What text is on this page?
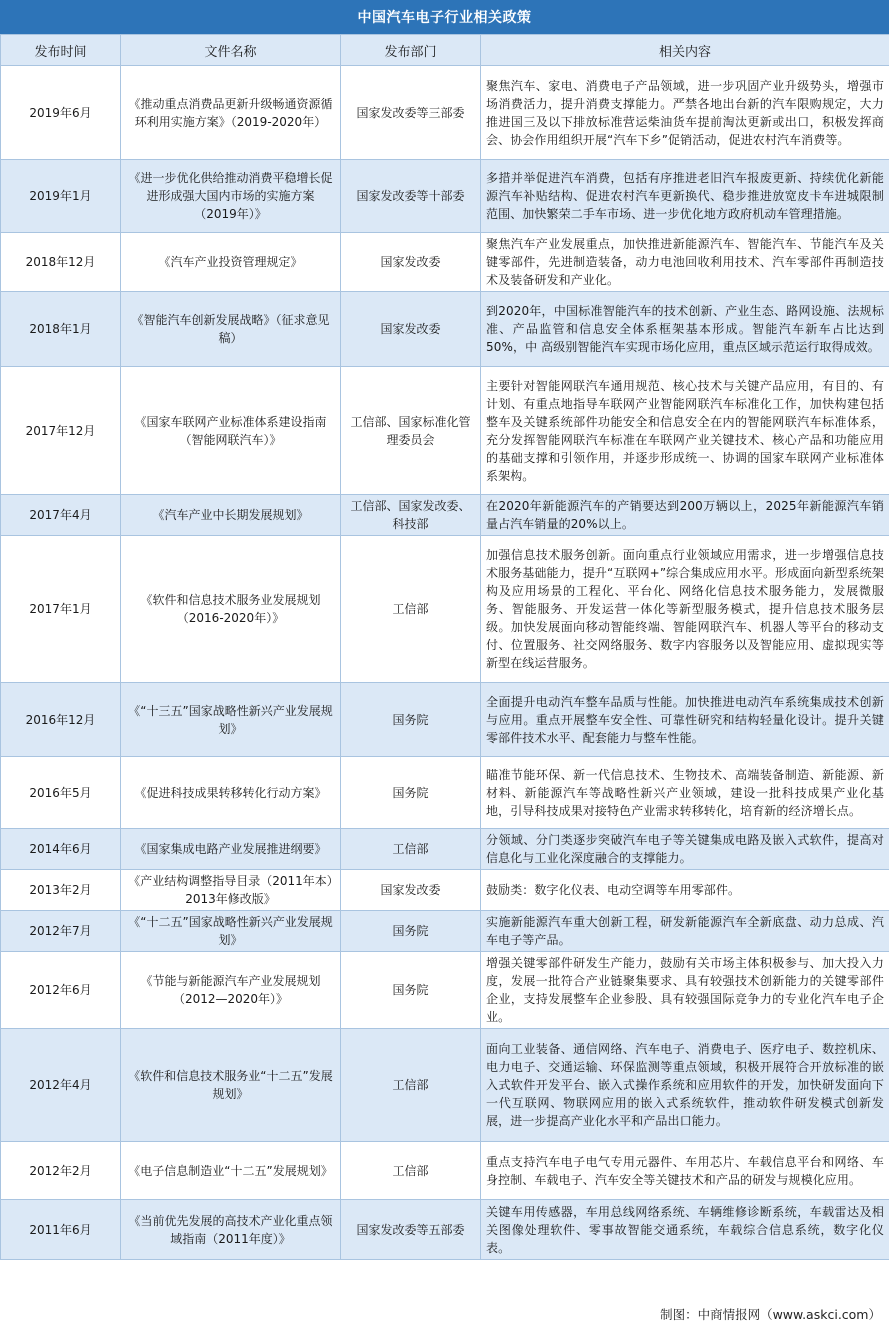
中国汽车电子行业相关政策
发布时间	文件名称	发布部门	相关内容
2019年6月	《推动重点消费品更新升级畅通资源循环利用实施方案》（2019-2020年）	国家发改委等三部委	聚焦汽车、家电、消费电子产品领域，进一步巩固产业升级势头，增强市场消费活力，提升消费支撑能力。严禁各地出台新的汽车限购规定，大力推进国三及以下排放标准营运柴油货车提前淘汰更新或出口，积极发挥商会、协会作用组织开展“汽车下乡”促销活动，促进农村汽车消费等。
2019年1月	《进一步优化供给推动消费平稳增长促进形成强大国内市场的实施方案（2019年）》	国家发改委等十部委	多措并举促进汽车消费，包括有序推进老旧汽车报废更新、持续优化新能源汽车补贴结构、促进农村汽车更新换代、稳步推进放宽皮卡车进城限制范围、加快繁荣二手车市场、进一步优化地方政府机动车管理措施。
2018年12月	《汽车产业投资管理规定》	国家发改委	聚焦汽车产业发展重点，加快推进新能源汽车、智能汽车、节能汽车及关键零部件，先进制造装备，动力电池回收利用技术、汽车零部件再制造技术及装备研发和产业化。
2018年1月	《智能汽车创新发展战略》（征求意见稿）	国家发改委	到2020年，中国标准智能汽车的技术创新、产业生态、路网设施、法规标准、产品监管和信息安全体系框架基本形成。智能汽车新车占比达到50%，中 高级别智能汽车实现市场化应用，重点区域示范运行取得成效。
2017年12月	《国家车联网产业标准体系建设指南（智能网联汽车）》	工信部、国家标准化管理委员会	主要针对智能网联汽车通用规范、核心技术与关键产品应用，有目的、有计划、有重点地指导车联网产业智能网联汽车标准化工作，加快构建包括整车及关键系统部件功能安全和信息安全在内的智能网联汽车标准体系，充分发挥智能网联汽车标准在车联网产业关键技术、核心产品和功能应用的基础支撑和引领作用，并逐步形成统一、协调的国家车联网产业标准体系架构。
2017年4月	《汽车产业中长期发展规划》	工信部、国家发改委、科技部	在2020年新能源汽车的产销要达到200万辆以上，2025年新能源汽车销量占汽车销量的20%以上。
2017年1月	《软件和信息技术服务业发展规划（2016-2020年）》	工信部	加强信息技术服务创新。面向重点行业领域应用需求，进一步增强信息技术服务基础能力，提升“互联网+”综合集成应用水平。形成面向新型系统架构及应用场景的工程化、平台化、网络化信息技术服务能力，发展微服务、智能服务、开发运营一体化等新型服务模式，提升信息技术服务层级。加快发展面向移动智能终端、智能网联汽车、机器人等平台的移动支付、位置服务、社交网络服务、数字内容服务以及智能应用、虚拟现实等新型在线运营服务。
2016年12月	《“十三五”国家战略性新兴产业发展规划》	国务院	全面提升电动汽车整车品质与性能。加快推进电动汽车系统集成技术创新与应用。重点开展整车安全性、可靠性研究和结构轻量化设计。提升关键零部件技术水平、配套能力与整车性能。
2016年5月	《促进科技成果转移转化行动方案》	国务院	瞄准节能环保、新一代信息技术、生物技术、高端装备制造、新能源、新材料、新能源汽车等战略性新兴产业领域，建设一批科技成果产业化基地，引导科技成果对接特色产业需求转移转化，培育新的经济增长点。
2014年6月	《国家集成电路产业发展推进纲要》	工信部	分领域、分门类逐步突破汽车电子等关键集成电路及嵌入式软件，提高对信息化与工业化深度融合的支撑能力。
2013年2月	《产业结构调整指导目录（2011年本）2013年修改版》	国家发改委	鼓励类：数字化仪表、电动空调等车用零部件。
2012年7月	《“十二五”国家战略性新兴产业发展规划》	国务院	实施新能源汽车重大创新工程，研发新能源汽车全新底盘、动力总成、汽车电子等产品。
2012年6月	《节能与新能源汽车产业发展规划（2012—2020年）》	国务院	增强关键零部件研发生产能力，鼓励有关市场主体积极参与、加大投入力度，发展一批符合产业链聚集要求、具有较强技术创新能力的关键零部件企业，支持发展整车企业参股、具有较强国际竞争力的专业化汽车电子企业。
2012年4月	《软件和信息技术服务业“十二五”发展规划》	工信部	面向工业装备、通信网络、汽车电子、消费电子、医疗电子、数控机床、电力电子、交通运输、环保监测等重点领域，积极开展符合开放标准的嵌入式软件开发平台、嵌入式操作系统和应用软件的开发，加快研发面向下一代互联网、物联网应用的嵌入式系统软件，推动软件研发模式创新发展，进一步提高产业化水平和产品出口能力。
2012年2月	《电子信息制造业“十二五”发展规划》	工信部	重点支持汽车电子电气专用元器件、车用芯片、车载信息平台和网络、车身控制、车载电子、汽车安全等关键技术和产品的研发与规模化应用。
2011年6月	《当前优先发展的高技术产业化重点领域指南（2011年度）》	国家发改委等五部委	关键车用传感器，车用总线网络系统、车辆维修诊断系统，车载雷达及相关图像处理软件、零事故智能交通系统，车载综合信息系统，数字化仪表。
制图：中商情报网（www.askci.com）
